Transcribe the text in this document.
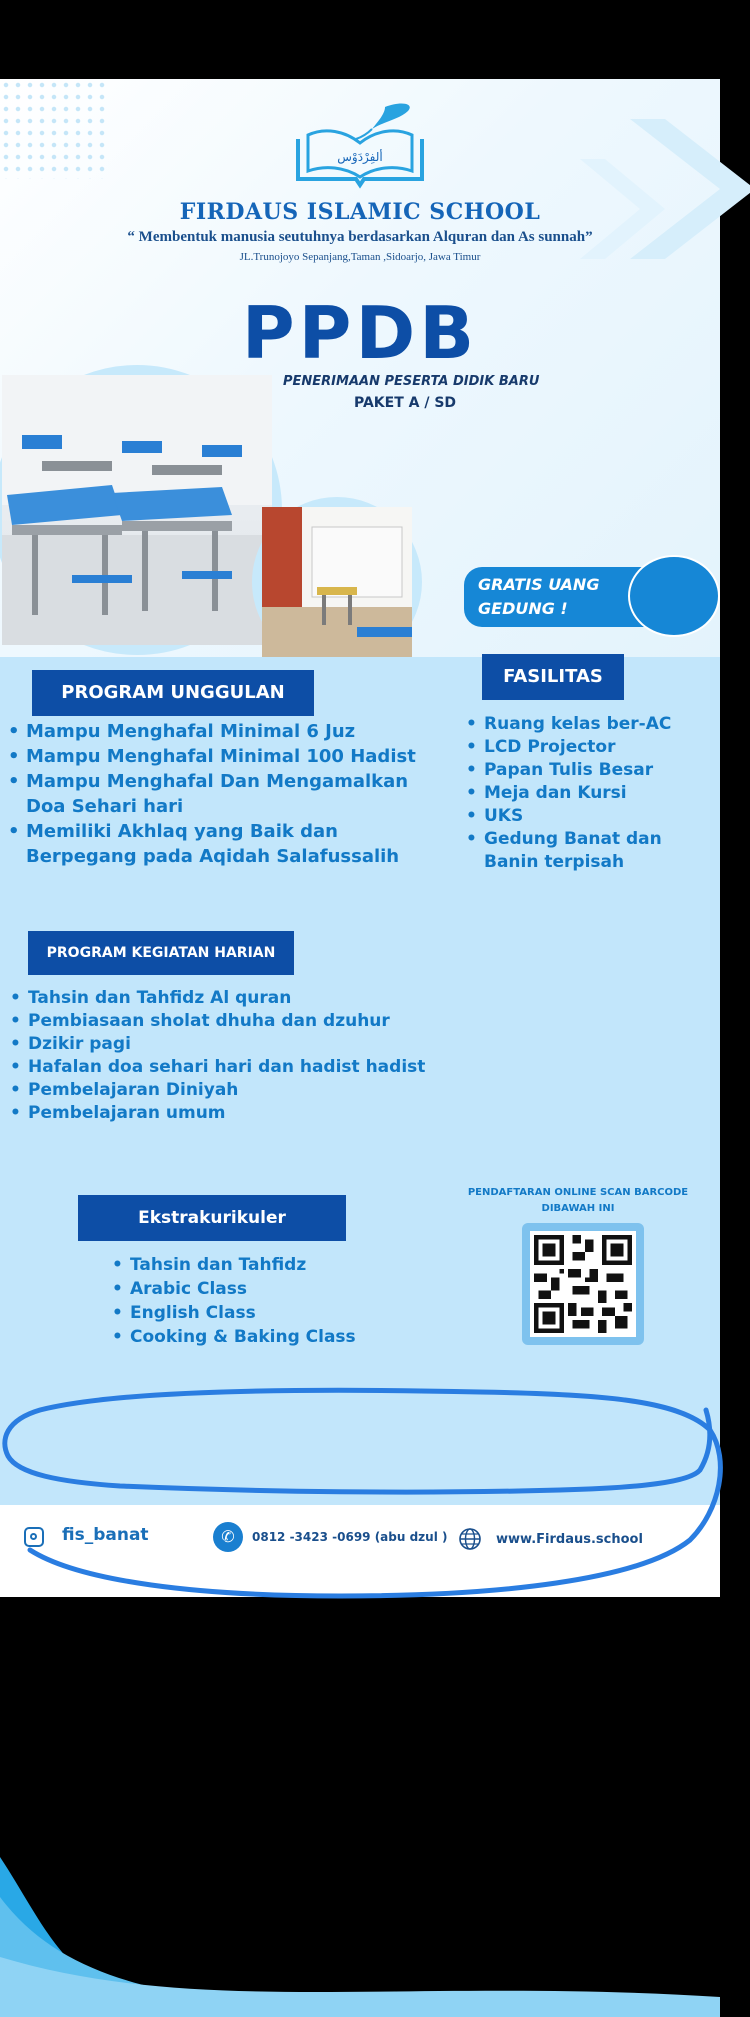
ألفِرْدَوْس
FIRDAUS ISLAMIC SCHOOL
“ Membentuk manusia seutuhnya berdasarkan Alquran dan As sunnah”
JL.Trunojoyo Sepanjang,Taman ,Sidoarjo, Jawa Timur
PPDB
PENERIMAAN PESERTA DIDIK BARU
PAKET A / SD
GRATIS UANG GEDUNG !
PROGRAM UNGGULAN
• Mampu Menghafal Minimal 6 Juz
• Mampu Menghafal Minimal 100 Hadist
• Mampu Menghafal Dan Mengamalkan Doa Sehari hari
• Memiliki Akhlaq yang Baik dan Berpegang pada Aqidah Salafussalih
FASILITAS
• Ruang kelas ber-AC
• LCD Projector
• Papan Tulis Besar
• Meja dan Kursi
• UKS
• Gedung Banat dan Banin terpisah
PROGRAM KEGIATAN HARIAN
• Tahsin dan Tahfidz Al quran
• Pembiasaan sholat dhuha dan dzuhur
• Dzikir pagi
• Hafalan doa sehari hari dan hadist hadist
• Pembelajaran Diniyah
• Pembelajaran umum
Ekstrakurikuler
• Tahsin dan Tahfidz
• Arabic Class
• English Class
• Cooking & Baking Class
PENDAFTARAN ONLINE SCAN BARCODE DIBAWAH INI
fis_banat	✆	0812 -3423 -0699 (abu dzul )	www.Firdaus.school
